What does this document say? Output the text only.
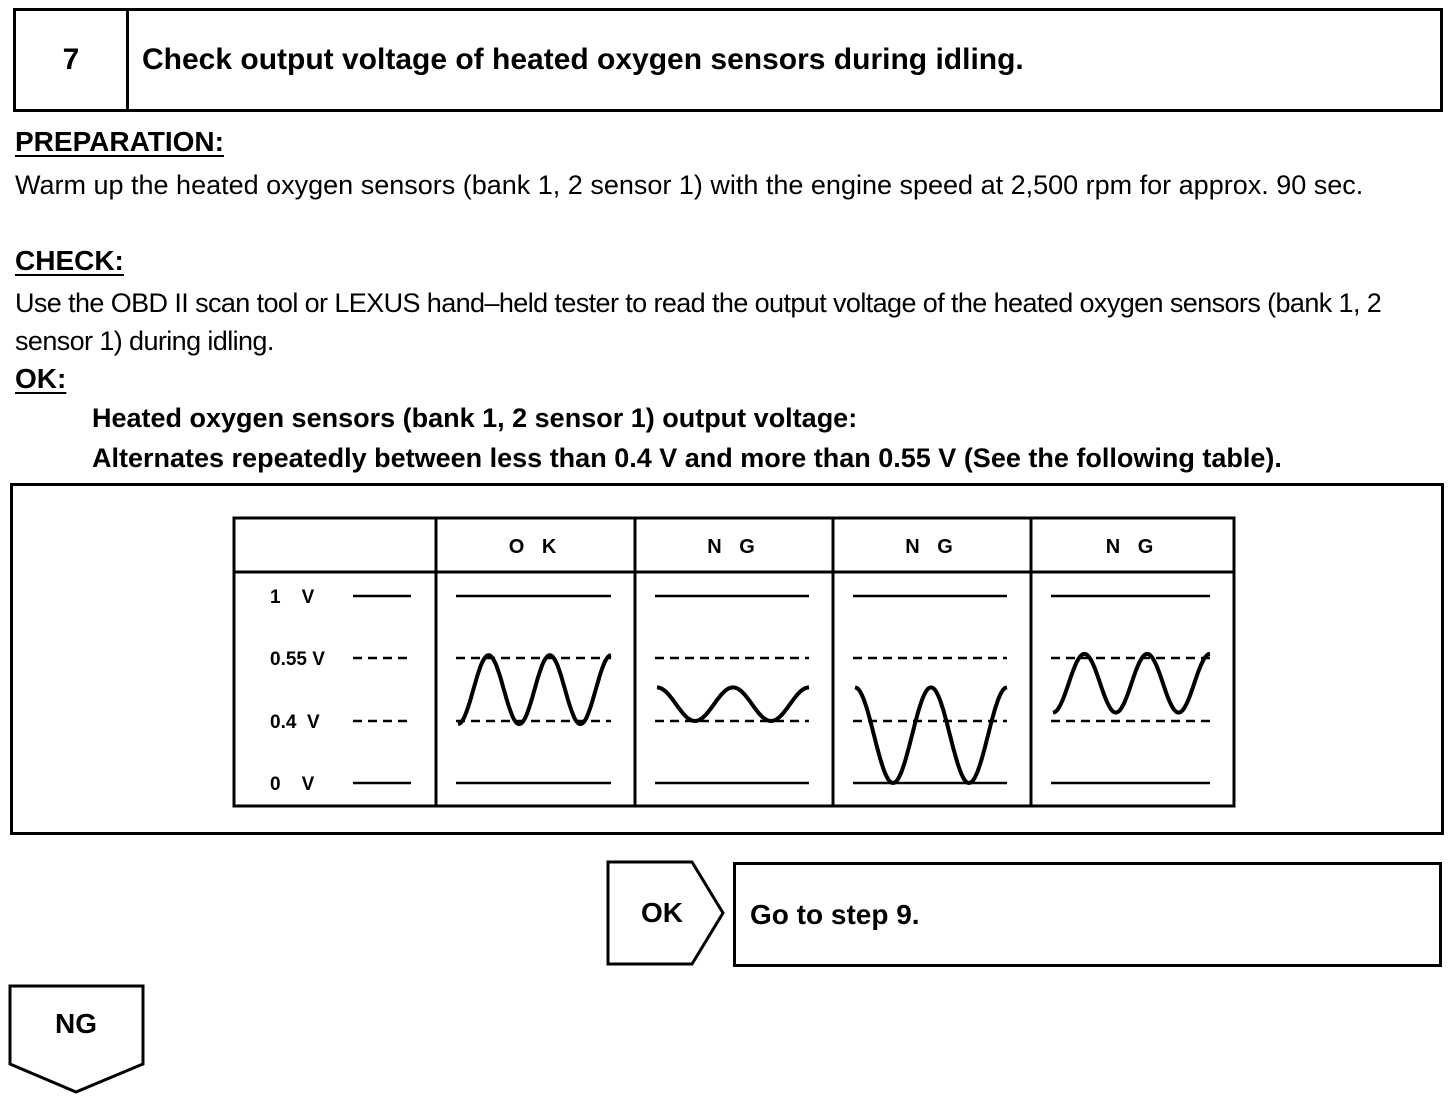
7	Check output voltage of heated oxygen sensors during idling.
PREPARATION:
Warm up the heated oxygen sensors (bank 1, 2 sensor 1) with the engine speed at 2,500 rpm for approx. 90 sec.
CHECK:
Use the OBD II scan tool or LEXUS hand–held tester to read the output voltage of the heated oxygen sensors (bank 1, 2 sensor 1) during idling.
OK:
Heated oxygen sensors (bank 1, 2 sensor 1) output voltage:
Alternates repeatedly between less than 0.4 V and more than 0.55 V (See the following table).
O K	N G	N G	N G
1    V
0.55 V
0.4  V
0    V
OK	Go to step 9.
NG
